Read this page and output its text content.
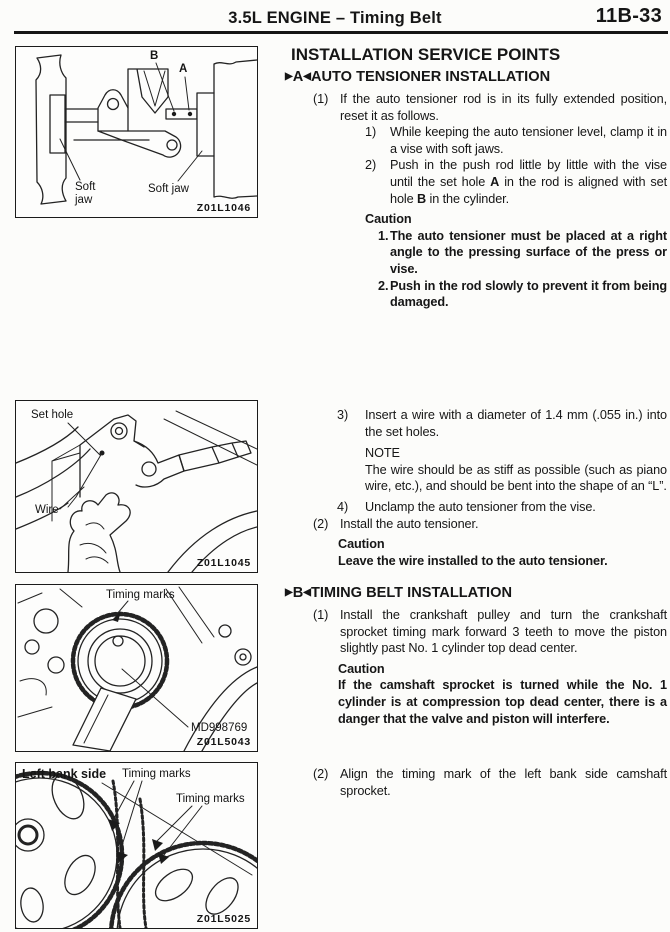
3.5L ENGINE – Timing Belt	11B-33
B
A
Soft jaw
Soft jaw
Z01L1046
Set hole
Wire
Z01L1045
Timing marks
MD998769
Z01L5043
Left bank side Timing marks
Timing marks
Z01L5025
INSTALLATION SERVICE POINTS
▶ A ◀ AUTO TENSIONER INSTALLATION
(1) If the auto tensioner rod is in its fully extended position, reset it as follows.
1)	While keeping the auto tensioner level, clamp it in a vise with soft jaws.
2)	Push in the push rod little by little with the vise until the set hole A in the rod is aligned with set hole B in the cylinder.
Caution
1. The auto tensioner must be placed at a right angle to the pressing surface of the press or vise.
2. Push in the rod slowly to prevent it from being damaged.
3)	Insert a wire with a diameter of 1.4 mm (.055 in.) into the set holes.
NOTE
The wire should be as stiff as possible (such as piano wire, etc.), and should be bent into the shape of an “L”.
4)	Unclamp the auto tensioner from the vise.
(2) Install the auto tensioner.
Caution
Leave the wire installed to the auto tensioner.
▶ B ◀ TIMING BELT INSTALLATION
(1) Install the crankshaft pulley and turn the crankshaft sprocket timing mark forward 3 teeth to move the piston slightly past No. 1 cylinder top dead center.
Caution
If the camshaft sprocket is turned while the No. 1 cylinder is at compression top dead center, there is a danger that the valve and piston will interfere.
(2) Align the timing mark of the left bank side camshaft sprocket.
